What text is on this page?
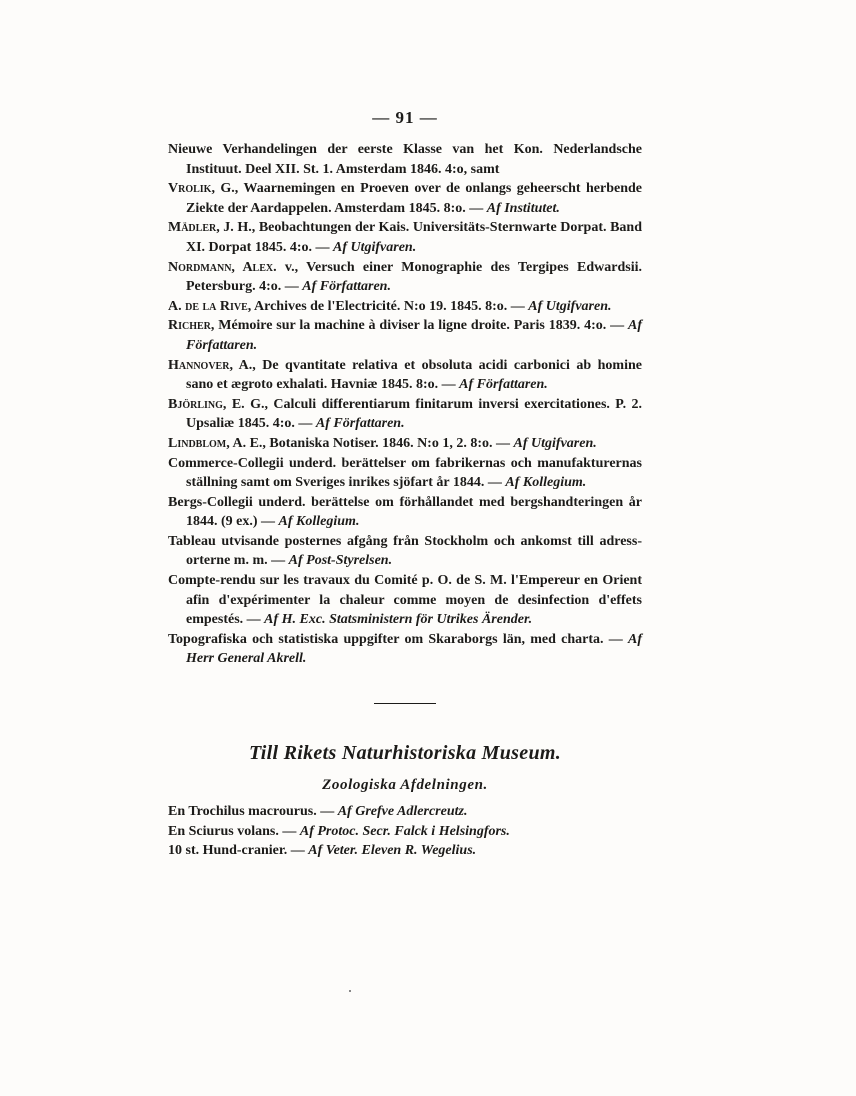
— 91 —

Nieuwe Verhandelingen der eerste Klasse van het Kon. Nederlandsche Instituut. Deel XII. St. 1. Amsterdam 1846. 4:o, samt

Vrolik, G., Waarnemingen en Proeven over de onlangs geheerscht herbende Ziekte der Aardappelen. Amsterdam 1845. 8:o. — Af Institutet.

Mädler, J. H., Beobachtungen der Kais. Universitäts-Sternwarte Dorpat. Band XI. Dorpat 1845. 4:o. — Af Utgifvaren.

Nordmann, Alex. v., Versuch einer Monographie des Tergipes Edwardsii. Petersburg. 4:o. — Af Författaren.

A. de la Rive, Archives de l'Electricité. N:o 19. 1845. 8:o. — Af Utgifvaren.

Richer, Mémoire sur la machine à diviser la ligne droite. Paris 1839. 4:o. — Af Författaren.

Hannover, A., De qvantitate relativa et obsoluta acidi carbonici ab homine sano et ægroto exhalati. Havniæ 1845. 8:o. — Af Författaren.

Björling, E. G., Calculi differentiarum finitarum inversi exercitationes. P. 2. Upsaliæ 1845. 4:o. — Af Författaren.

Lindblom, A. E., Botaniska Notiser. 1846. N:o 1, 2. 8:o. — Af Utgifvaren.

Commerce-Collegii underd. berättelser om fabrikernas och manufakturernas ställning samt om Sveriges inrikes sjöfart år 1844. — Af Kollegium.

Bergs-Collegii underd. berättelse om förhållandet med bergshandteringen år 1844. (9 ex.) — Af Kollegium.

Tableau utvisande posternes afgång från Stockholm och ankomst till adress-orterne m. m. — Af Post-Styrelsen.

Compte-rendu sur les travaux du Comité p. O. de S. M. l'Empereur en Orient afin d'expérimenter la chaleur comme moyen de desinfection d'effets empestés. — Af H. Exc. Statsministern för Utrikes Ärender.

Topografiska och statistiska uppgifter om Skaraborgs län, med charta. — Af Herr General Akrell.

Till Rikets Naturhistoriska Museum.
Zoologiska Afdelningen.

En Trochilus macrourus. — Af Grefve Adlercreutz.

En Sciurus volans. — Af Protoc. Secr. Falck i Helsingfors.

10 st. Hund-cranier. — Af Veter. Eleven R. Wegelius.
